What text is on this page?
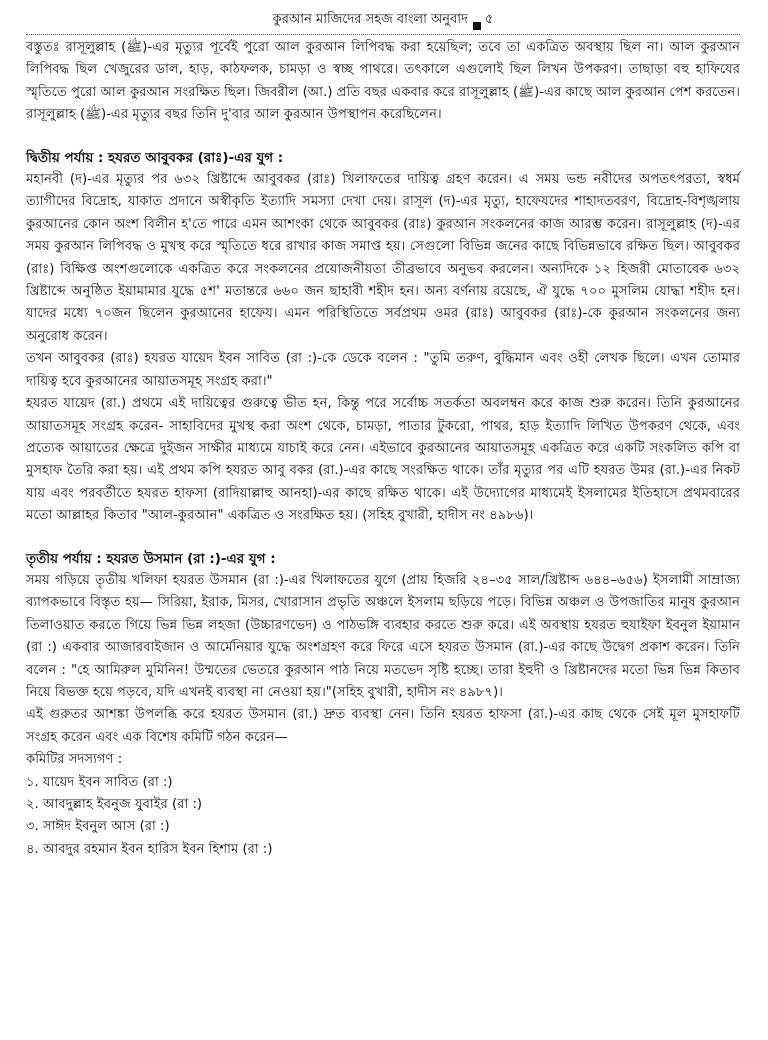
কুরআন মাজিদের সহজ বাংলা অনুবাদ ৫

বস্তুতঃ রাসূলুল্লাহ (ﷺ)-এর মৃত্যুর পূর্বেই পুরো আল কুরআন লিপিবদ্ধ করা হয়েছিল; তবে তা একত্রিত অবস্থায় ছিল না। আল কুরআন লিপিবদ্ধ ছিল খেজুরের ডাল, হাড়, কাঠফলক, চামড়া ও স্বচ্ছ পাথরে। তৎকালে এগুলোই ছিল লিখন উপকরণ। তাছাড়া বহু হাফিযের স্মৃতিতে পুরো আল কুরআন সংরক্ষিত ছিল। জিবরীল (আ.) প্রতি বছর একবার করে রাসূলুল্লাহ (ﷺ)-এর কাছে আল কুরআন পেশ করতেন। রাসূলুল্লাহ (ﷺ)-এর মৃত্যুর বছর তিনি দু'বার আল কুরআন উপস্থাপন করেছিলেন।

দ্বিতীয় পর্যায় : হযরত আবুবকর (রাঃ)-এর যুগ :

মহানবী (দ)-এর মৃত্যুর পর ৬৩২ খ্রিষ্টাব্দে আবুবকর (রাঃ) খিলাফতের দায়িত্ব গ্রহণ করেন। এ সময় ভন্ড নবীদের অপতৎপরতা, স্বধর্ম ত্যাগীদের বিদ্রোহ, যাকাত প্রদানে অস্বীকৃতি ইত্যাদি সমস্যা দেখা দেয়। রাসূল (দ)-এর মৃত্যু, হাফেযদের শাহাদতবরণ, বিদ্রোহ-বিশৃঙ্খলায় কুরআনের কোন অংশ বিলীন হ'তে পারে এমন আশংকা থেকে আবুবকর (রাঃ) কুরআন সংকলনের কাজ আরম্ভ করেন। রাসূলুল্লাহ (দ)-এর সময় কুরআন লিপিবদ্ধ ও মুখস্থ করে স্মৃতিতে ধরে রাখার কাজ সমাপ্ত হয়। সেগুলো বিভিন্ন জনের কাছে বিভিন্নভাবে রক্ষিত ছিল। আবুবকর (রাঃ) বিক্ষিপ্ত অংশগুলোকে একত্রিত করে সংকলনের প্রয়োজনীয়তা তীব্রভাবে অনুভব করলেন। অন্যদিকে ১২ হিজরী মোতাবেক ৬৩২ খ্রিষ্টাব্দে অনুষ্ঠিত ইয়ামামার যুদ্ধে ৫শ' মতান্তরে ৬৬০ জন ছাহাবী শহীদ হন। অন্য বর্ণনায় রয়েছে, ঐ যুদ্ধে ৭০০ মুসলিম যোদ্ধা শহীদ হন। যাদের মধ্যে ৭০জন ছিলেন কুরআনের হাফেয। এমন পরিস্থিতিতে সর্বপ্রথম ওমর (রাঃ) আবুবকর (রাঃ)-কে কুরআন সংকলনের জন্য অনুরোধ করেন।

তখন আবুবকর (রাঃ) হযরত যায়েদ ইবন সাবিত (রা :)-কে ডেকে বলেন : "তুমি তরুণ, বুদ্ধিমান এবং ওহী লেখক ছিলে। এখন তোমার দায়িত্ব হবে কুরআনের আয়াতসমূহ সংগ্রহ করা।"

হযরত যায়েদ (রা.) প্রথমে এই দায়িত্বের গুরুত্বে ভীত হন, কিন্তু পরে সর্বোচ্চ সতর্কতা অবলম্বন করে কাজ শুরু করেন। তিনি কুরআনের আয়াতসমূহ সংগ্রহ করেন- সাহাবিদের মুখস্থ করা অংশ থেকে, চামড়া, পাতার টুকরো, পাথর, হাড় ইত্যাদি লিখিত উপকরণ থেকে, এবং প্রত্যেক আয়াতের ক্ষেত্রে দুইজন সাক্ষীর মাধ্যমে যাচাই করে নেন। এইভাবে কুরআনের আয়াতসমূহ একত্রিত করে একটি সংকলিত কপি বা মুসহাফ তৈরি করা হয়। এই প্রথম কপি হযরত আবু বকর (রা.)-এর কাছে সংরক্ষিত থাকে। তাঁর মৃত্যুর পর এটি হযরত উমর (রা.)-এর নিকট যায় এবং পরবর্তীতে হযরত হাফসা (রাদিয়াল্লাহু আনহা)-এর কাছে রক্ষিত থাকে। এই উদ্যোগের মাধ্যমেই ইসলামের ইতিহাসে প্রথমবারের মতো আল্লাহর কিতাব "আল-কুরআন" একত্রিত ও সংরক্ষিত হয়। (সহিহ বুখারী, হাদীস নং ৪৯৮৬)।

তৃতীয় পর্যায় : হযরত উসমান (রা :)-এর যুগ :

সময় গড়িয়ে তৃতীয় খলিফা হযরত উসমান (রা :)-এর খিলাফতের যুগে (প্রায় হিজরি ২৪–৩৫ সাল/খ্রিষ্টাব্দ ৬৪৪–৬৫৬) ইসলামী সাম্রাজ্য ব্যাপকভাবে বিস্তৃত হয়— সিরিয়া, ইরাক, মিসর, খোরাসান প্রভৃতি অঞ্চলে ইসলাম ছড়িয়ে পড়ে। বিভিন্ন অঞ্চল ও উপজাতির মানুষ কুরআন তিলাওয়াত করতে গিয়ে ভিন্ন ভিন্ন লহজা (উচ্চারণভেদ) ও পাঠভঙ্গি ব্যবহার করতে শুরু করে। এই অবস্থায় হযরত হুযাইফা ইবনুল ইয়ামান (রা :) একবার আজারবাইজান ও আর্মেনিয়ার যুদ্ধে অংশগ্রহণ করে ফিরে এসে হযরত উসমান (রা.)-এর কাছে উদ্বেগ প্রকাশ করেন। তিনি বলেন : "হে আমিরুল মুমিনিন! উম্মতের ভেতরে কুরআন পাঠ নিয়ে মতভেদ সৃষ্টি হচ্ছে। তারা ইহুদী ও খ্রিষ্টানদের মতো ভিন্ন ভিন্ন কিতাব নিয়ে বিভক্ত হয়ে পড়বে, যদি এখনই ব্যবস্থা না নেওয়া হয়।"(সহিহ বুখারী, হাদীস নং ৪৯৮৭)।

এই গুরুতর আশঙ্কা উপলব্ধি করে হযরত উসমান (রা.) দ্রুত ব্যবস্থা নেন। তিনি হযরত হাফসা (রা.)-এর কাছ থেকে সেই মূল মুসহাফটি সংগ্রহ করেন এবং এক বিশেষ কমিটি গঠন করেন—

কমিটির সদস্যগণ :

১. যায়েদ ইবন সাবিত (রা :)
২. আবদুল্লাহ ইবনুজ যুবাইর (রা :)
৩. সাঈদ ইবনুল আস (রা :)
৪. আবদুর রহমান ইবন হারিস ইবন হিশাম (রা :)
